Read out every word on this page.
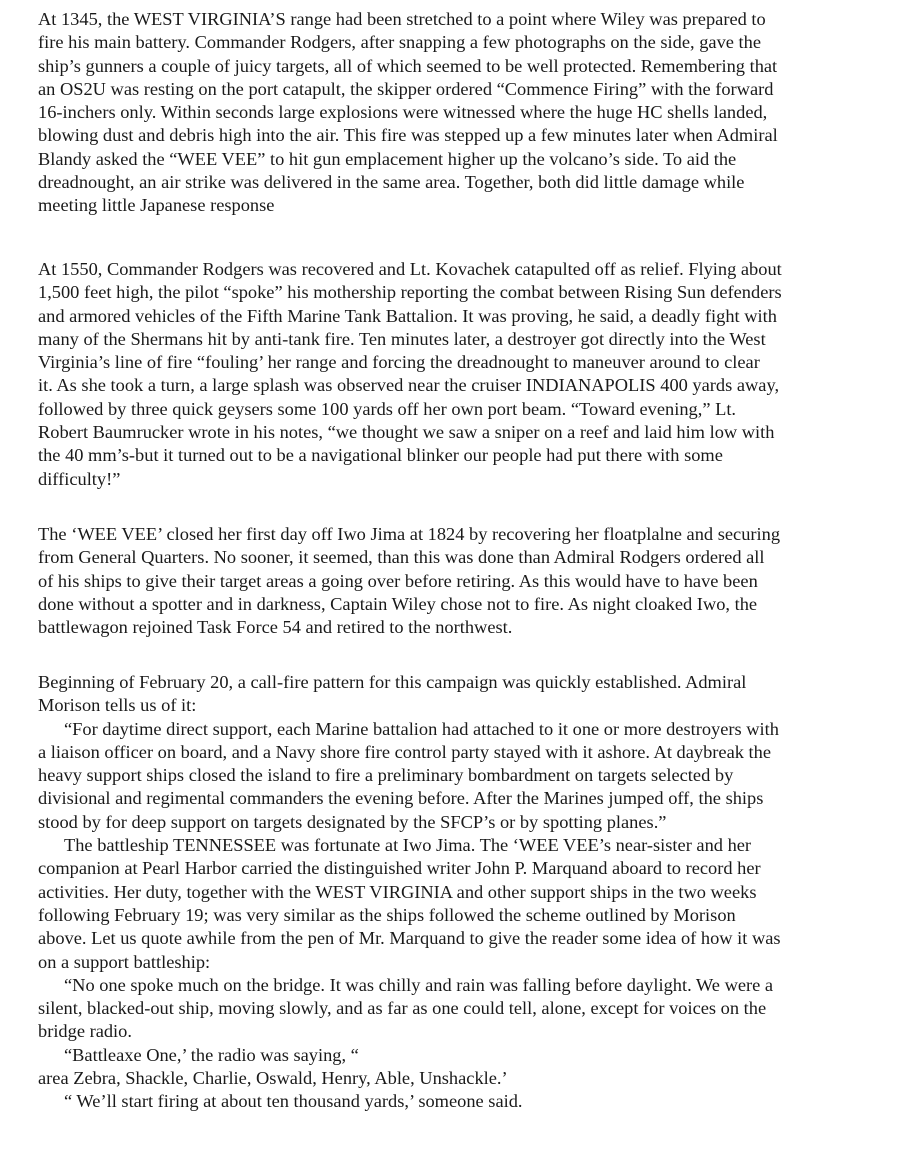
At 1345, the WEST VIRGINIA’S range had been stretched to a point where Wiley was prepared to
fire his main battery. Commander Rodgers, after snapping a few photographs on the side, gave the
ship’s gunners a couple of juicy targets, all of which seemed to be well protected. Remembering that
an OS2U was resting on the port catapult, the skipper ordered “Commence Firing” with the forward
16-inchers only. Within seconds large explosions were witnessed where the huge HC shells landed,
blowing dust and debris high into the air. This fire was stepped up a few minutes later when Admiral
Blandy asked the “WEE VEE” to hit gun emplacement higher up the volcano’s side. To aid the
dreadnought, an air strike was delivered in the same area. Together, both did little damage while
meeting little Japanese response
At 1550, Commander Rodgers was recovered and Lt. Kovachek catapulted off as relief. Flying about
1,500 feet high, the pilot “spoke” his mothership reporting the combat between Rising Sun defenders
and armored vehicles of the Fifth Marine Tank Battalion. It was proving, he said, a deadly fight with
many of the Shermans hit by anti-tank fire. Ten minutes later, a destroyer got directly into the West
Virginia’s line of fire “fouling’ her range and forcing the dreadnought to maneuver around to clear
it. As she took a turn, a large splash was observed near the cruiser INDIANAPOLIS 400 yards away,
followed by three quick geysers some 100 yards off her own port beam. “Toward evening,” Lt.
Robert Baumrucker wrote in his notes, “we thought we saw a sniper on a reef and laid him low with
the 40 mm’s-but it turned out to be a navigational blinker our people had put there with some
difficulty!”
The ‘WEE VEE’ closed her first day off Iwo Jima at 1824 by recovering her floatplalne and securing
from General Quarters. No sooner, it seemed, than this was done than Admiral Rodgers ordered all
of his ships to give their target areas a going over before retiring. As this would have to have been
done without a spotter and in darkness, Captain Wiley chose not to fire. As night cloaked Iwo, the
battlewagon rejoined Task Force 54 and retired to the northwest.
Beginning of February 20, a call-fire pattern for this campaign was quickly established. Admiral
Morison tells us of it:
“For daytime direct support, each Marine battalion had attached to it one or more destroyers with
a liaison officer on board, and a Navy shore fire control party stayed with it ashore. At daybreak the
heavy support ships closed the island to fire a preliminary bombardment on targets selected by
divisional and regimental commanders the evening before. After the Marines jumped off, the ships
stood by for deep support on targets designated by the SFCP’s or by spotting planes.”
The battleship TENNESSEE was fortunate at Iwo Jima. The ‘WEE VEE’s near-sister and her
companion at Pearl Harbor carried the distinguished writer John P. Marquand aboard to record her
activities. Her duty, together with the WEST VIRGINIA and other support ships in the two weeks
following February 19; was very similar as the ships followed the scheme outlined by Morison
above. Let us quote awhile from the pen of Mr. Marquand to give the reader some idea of how it was
on a support battleship:
“No one spoke much on the bridge. It was chilly and rain was falling before daylight. We were a
silent, blacked-out ship, moving slowly, and as far as one could tell, alone, except for voices on the
bridge radio.
“Battleaxe One,’ the radio was saying, “
area Zebra, Shackle, Charlie, Oswald, Henry, Able, Unshackle.’
“ We’ll start firing at about ten thousand yards,’ someone said.
